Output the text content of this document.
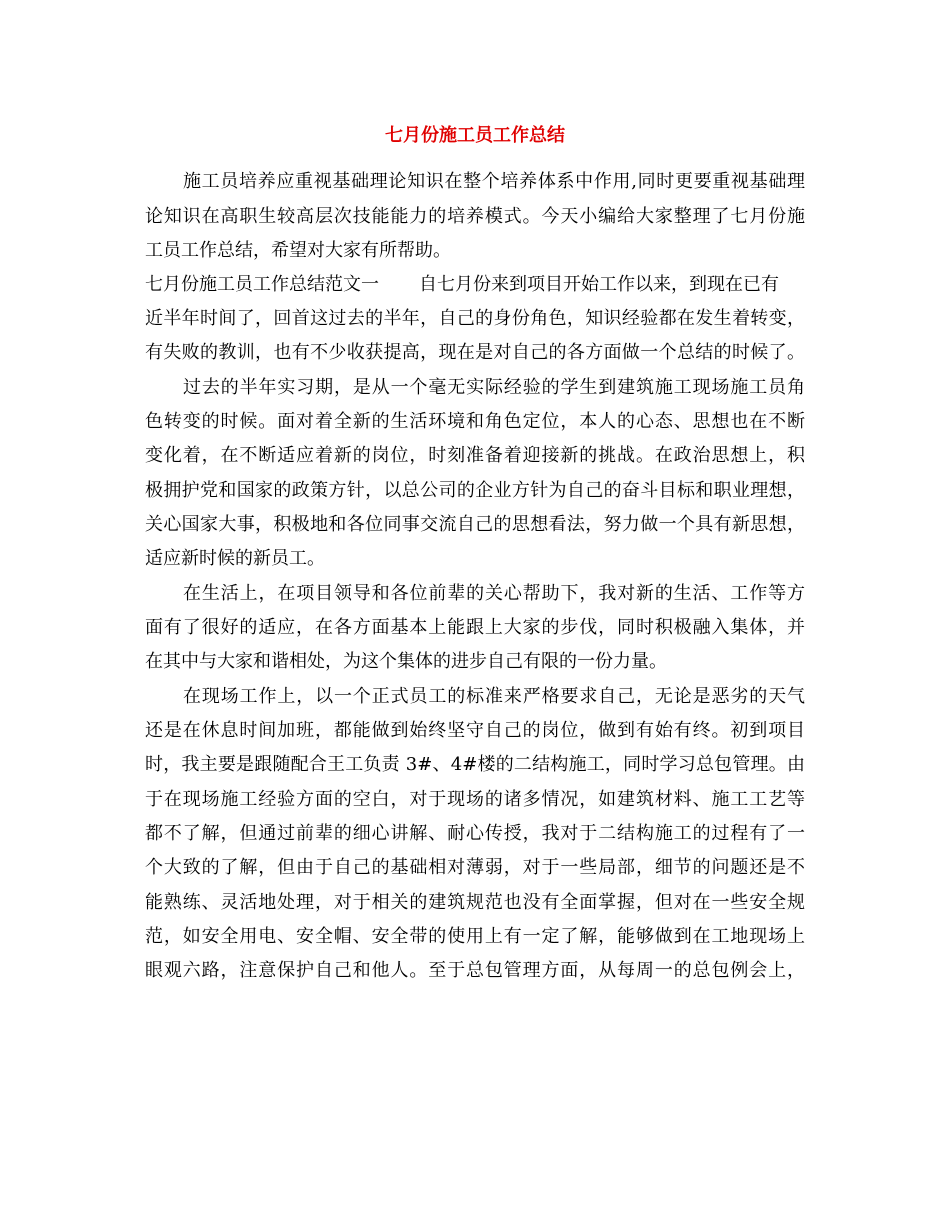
七月份施工员工作总结

施工员培养应重视基础理论知识在整个培养体系中作用,同时更要重视基础理

论知识在高职生较高层次技能能力的培养模式。今天小编给大家整理了七月份施

工员工作总结，希望对大家有所帮助。

七月份施工员工作总结范文一 自七月份来到项目开始工作以来，到现在已有

近半年时间了，回首这过去的半年，自己的身份角色，知识经验都在发生着转变，

有失败的教训，也有不少收获提高，现在是对自己的各方面做一个总结的时候了。

过去的半年实习期，是从一个毫无实际经验的学生到建筑施工现场施工员角

色转变的时候。面对着全新的生活环境和角色定位，本人的心态、思想也在不断

变化着，在不断适应着新的岗位，时刻准备着迎接新的挑战。在政治思想上，积

极拥护党和国家的政策方针，以总公司的企业方针为自己的奋斗目标和职业理想，

关心国家大事，积极地和各位同事交流自己的思想看法，努力做一个具有新思想，

适应新时候的新员工。

在生活上，在项目领导和各位前辈的关心帮助下，我对新的生活、工作等方

面有了很好的适应，在各方面基本上能跟上大家的步伐，同时积极融入集体，并

在其中与大家和谐相处，为这个集体的进步自己有限的一份力量。

在现场工作上，以一个正式员工的标准来严格要求自己，无论是恶劣的天气

还是在休息时间加班，都能做到始终坚守自己的岗位，做到有始有终。初到项目

时，我主要是跟随配合王工负责 3#、4#楼的二结构施工，同时学习总包管理。由

于在现场施工经验方面的空白，对于现场的诸多情况，如建筑材料、施工工艺等

都不了解，但通过前辈的细心讲解、耐心传授，我对于二结构施工的过程有了一

个大致的了解，但由于自己的基础相对薄弱，对于一些局部，细节的问题还是不

能熟练、灵活地处理，对于相关的建筑规范也没有全面掌握，但对在一些安全规

范，如安全用电、安全帽、安全带的使用上有一定了解，能够做到在工地现场上

眼观六路，注意保护自己和他人。至于总包管理方面，从每周一的总包例会上，
